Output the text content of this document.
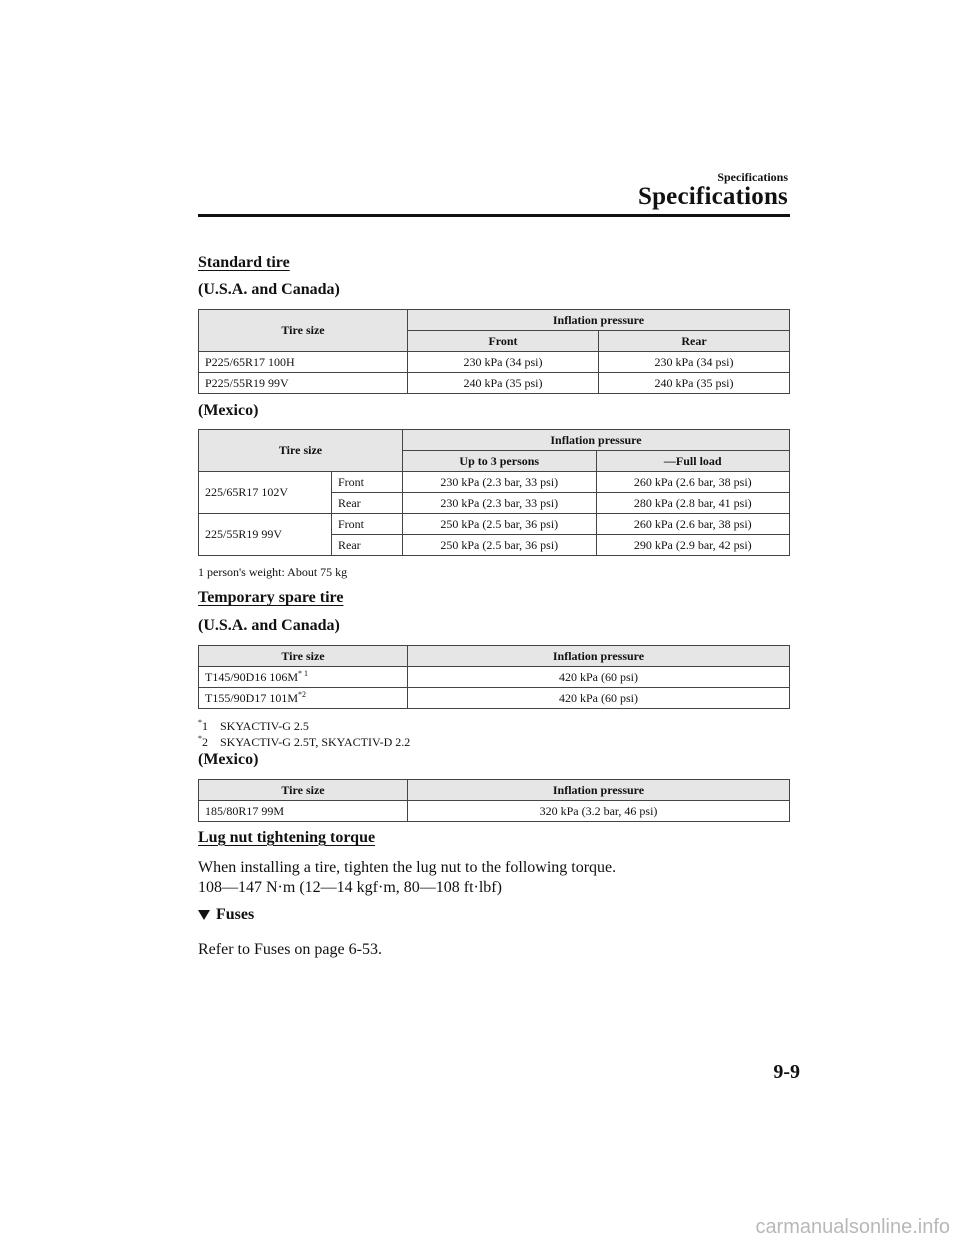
Specifications
Specifications
Standard tire
(U.S.A. and Canada)
Tire size	Inflation pressure	
	Front	Rear
P225/65R17 100H	230 kPa (34 psi)	230 kPa (34 psi)
P225/55R19 99V	240 kPa (35 psi)	240 kPa (35 psi)
(Mexico)
Tire size		Inflation pressure	
		Up to 3 persons	―Full load
225/65R17 102V	Front	230 kPa (2.3 bar, 33 psi)	260 kPa (2.6 bar, 38 psi)
	Rear	230 kPa (2.3 bar, 33 psi)	280 kPa (2.8 bar, 41 psi)
225/55R19 99V	Front	250 kPa (2.5 bar, 36 psi)	260 kPa (2.6 bar, 38 psi)
	Rear	250 kPa (2.5 bar, 36 psi)	290 kPa (2.9 bar, 42 psi)
1 person's weight: About 75 kg
Temporary spare tire
(U.S.A. and Canada)
Tire size	Inflation pressure
T145/90D16 $106M^{* 1}$	420 kPa (60 psi)
T155/90D17 $101M^{*2}$	420 kPa (60 psi)
*1    SKYACTIV-G 2.5
*2    SKYACTIV-G 2.5T, SKYACTIV-D 2.2
(Mexico)
Tire size	Inflation pressure
185/80R17 99M	320 kPa (3.2 bar, 46 psi)
Lug nut tightening torque
When installing a tire, tighten the lug nut to the following torque.
108―147 N·m (12―14 kgf·m, 80―108 ft·lbf)
Fuses
Refer to Fuses on page 6-53.
9-9
carmanualsonline.info
